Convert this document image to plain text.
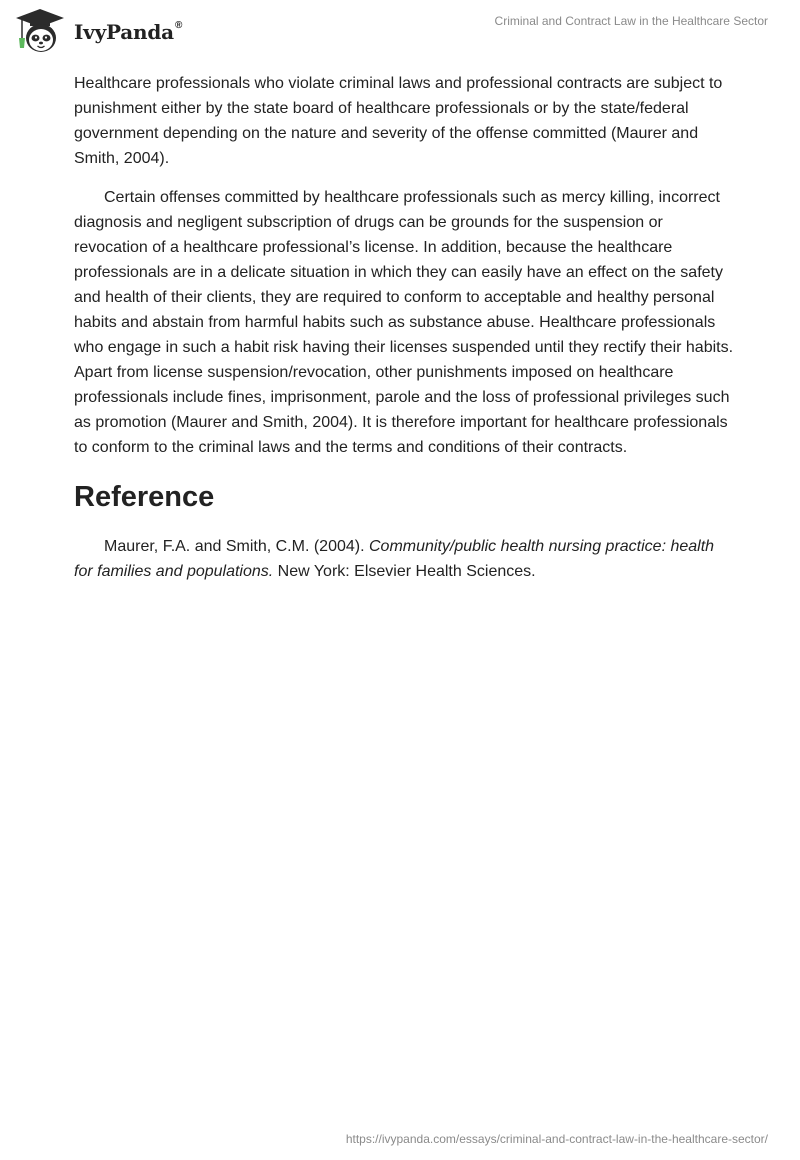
IvyPanda®	Criminal and Contract Law in the Healthcare Sector

Healthcare professionals who violate criminal laws and professional contracts are subject to punishment either by the state board of healthcare professionals or by the state/federal government depending on the nature and severity of the offense committed (Maurer and Smith, 2004).

Certain offenses committed by healthcare professionals such as mercy killing, incorrect diagnosis and negligent subscription of drugs can be grounds for the suspension or revocation of a healthcare professional’s license. In addition, because the healthcare professionals are in a delicate situation in which they can easily have an effect on the safety and health of their clients, they are required to conform to acceptable and healthy personal habits and abstain from harmful habits such as substance abuse. Healthcare professionals who engage in such a habit risk having their licenses suspended until they rectify their habits. Apart from license suspension/revocation, other punishments imposed on healthcare professionals include fines, imprisonment, parole and the loss of professional privileges such as promotion (Maurer and Smith, 2004). It is therefore important for healthcare professionals to conform to the criminal laws and the terms and conditions of their contracts.

Reference

Maurer, F.A. and Smith, C.M. (2004). Community/public health nursing practice: health for families and populations. New York: Elsevier Health Sciences.

https://ivypanda.com/essays/criminal-and-contract-law-in-the-healthcare-sector/
